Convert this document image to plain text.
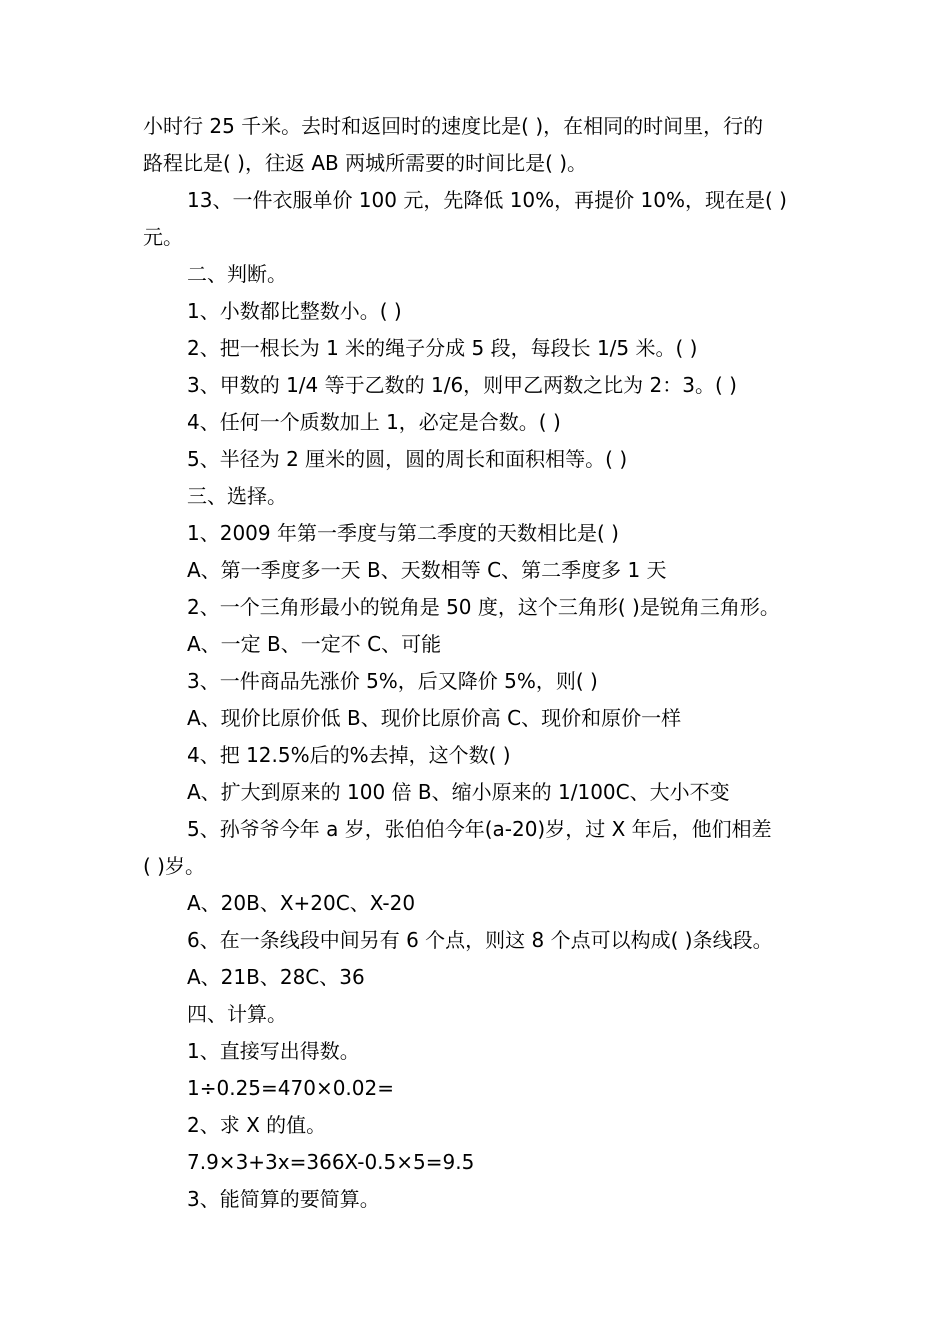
小时行 25 千米。去时和返回时的速度比是( )，在相同的时间里，行的
路程比是( )，往返 AB 两城所需要的时间比是( )。
13、一件衣服单价 100 元，先降低 10%，再提价 10%，现在是( )
元。
二、判断。
1、小数都比整数小。( )
2、把一根长为 1 米的绳子分成 5 段，每段长 1/5 米。( )
3、甲数的 1/4 等于乙数的 1/6，则甲乙两数之比为 2：3。( )
4、任何一个质数加上 1，必定是合数。( )
5、半径为 2 厘米的圆，圆的周长和面积相等。( )
三、选择。
1、2009 年第一季度与第二季度的天数相比是( )
A、第一季度多一天 B、天数相等 C、第二季度多 1 天
2、一个三角形最小的锐角是 50 度，这个三角形( )是锐角三角形。
A、一定 B、一定不 C、可能
3、一件商品先涨价 5%，后又降价 5%，则( )
A、现价比原价低 B、现价比原价高 C、现价和原价一样
4、把 12.5%后的%去掉，这个数( )
A、扩大到原来的 100 倍 B、缩小原来的 1/100C、大小不变
5、孙爷爷今年 a 岁，张伯伯今年(a-20)岁，过 X 年后，他们相差
( )岁。
A、20B、X+20C、X-20
6、在一条线段中间另有 6 个点，则这 8 个点可以构成( )条线段。
A、21B、28C、36
四、计算。
1、直接写出得数。
1÷0.25=470×0.02=
2、求 X 的值。
7.9×3+3x=366X-0.5×5=9.5
3、能简算的要简算。
